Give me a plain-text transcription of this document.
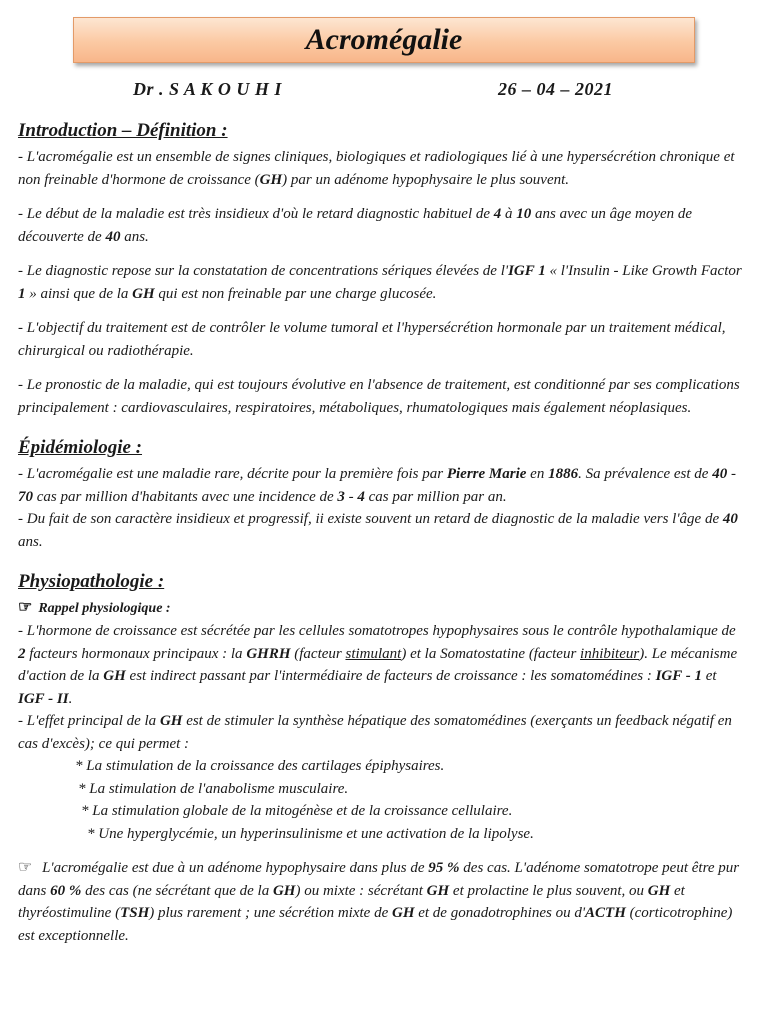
Acromégalie
Dr . S A K O U H I	26 – 04 – 2021
Introduction – Définition :

- L'acromégalie est un ensemble de signes cliniques, biologiques et radiologiques lié à une hypersécrétion chronique et non freinable d'hormone de croissance (GH) par un adénome hypophysaire le plus souvent.

- Le début de la maladie est très insidieux d'où le retard diagnostic habituel de 4 à 10 ans avec un âge moyen de découverte de 40 ans.

- Le diagnostic repose sur la constatation de concentrations sériques élevées de l'IGF 1 « l'Insulin - Like Growth Factor 1 » ainsi que de la GH qui est non freinable par une charge glucosée.

- L'objectif du traitement est de contrôler le volume tumoral et l'hypersécrétion hormonale par un traitement médical, chirurgical ou radiothérapie.

- Le pronostic de la maladie, qui est toujours évolutive en l'absence de traitement, est conditionné par ses complications principalement : cardiovasculaires, respiratoires, métaboliques, rhumatologiques mais également néoplasiques.

Épidémiologie :

- L'acromégalie est une maladie rare, décrite pour la première fois par Pierre Marie en 1886. Sa prévalence est de 40 - 70 cas par million d'habitants avec une incidence de 3 - 4 cas par million par an.

- Du fait de son caractère insidieux et progressif, ii existe souvent un retard de diagnostic de la maladie vers l'âge de 40 ans.

Physiopathologie :

☞ Rappel physiologique :

- L'hormone de croissance est sécrétée par les cellules somatotropes hypophysaires sous le contrôle hypothalamique de 2 facteurs hormonaux principaux : la GHRH (facteur stimulant) et la Somatostatine (facteur inhibiteur). Le mécanisme d'action de la GH est indirect passant par l'intermédiaire de facteurs de croissance : les somatomédines : IGF - 1 et IGF - II.

- L'effet principal de la GH est de stimuler la synthèse hépatique des somatomédines (exerçants un feedback négatif en cas d'excès); ce qui permet :

* La stimulation de la croissance des cartilages épiphysaires.

* La stimulation de l'anabolisme musculaire.

* La stimulation globale de la mitogénèse et de la croissance cellulaire.

* Une hyperglycémie, un hyperinsulinisme et une activation de la lipolyse.

☞ L'acromégalie est due à un adénome hypophysaire dans plus de 95 % des cas. L'adénome somatotrope peut être pur dans 60 % des cas (ne sécrétant que de la GH) ou mixte : sécrétant GH et prolactine le plus souvent, ou GH et thyréostimuline (TSH) plus rarement ; une sécrétion mixte de GH et de gonadotrophines ou d'ACTH (corticotrophine) est exceptionnelle.
